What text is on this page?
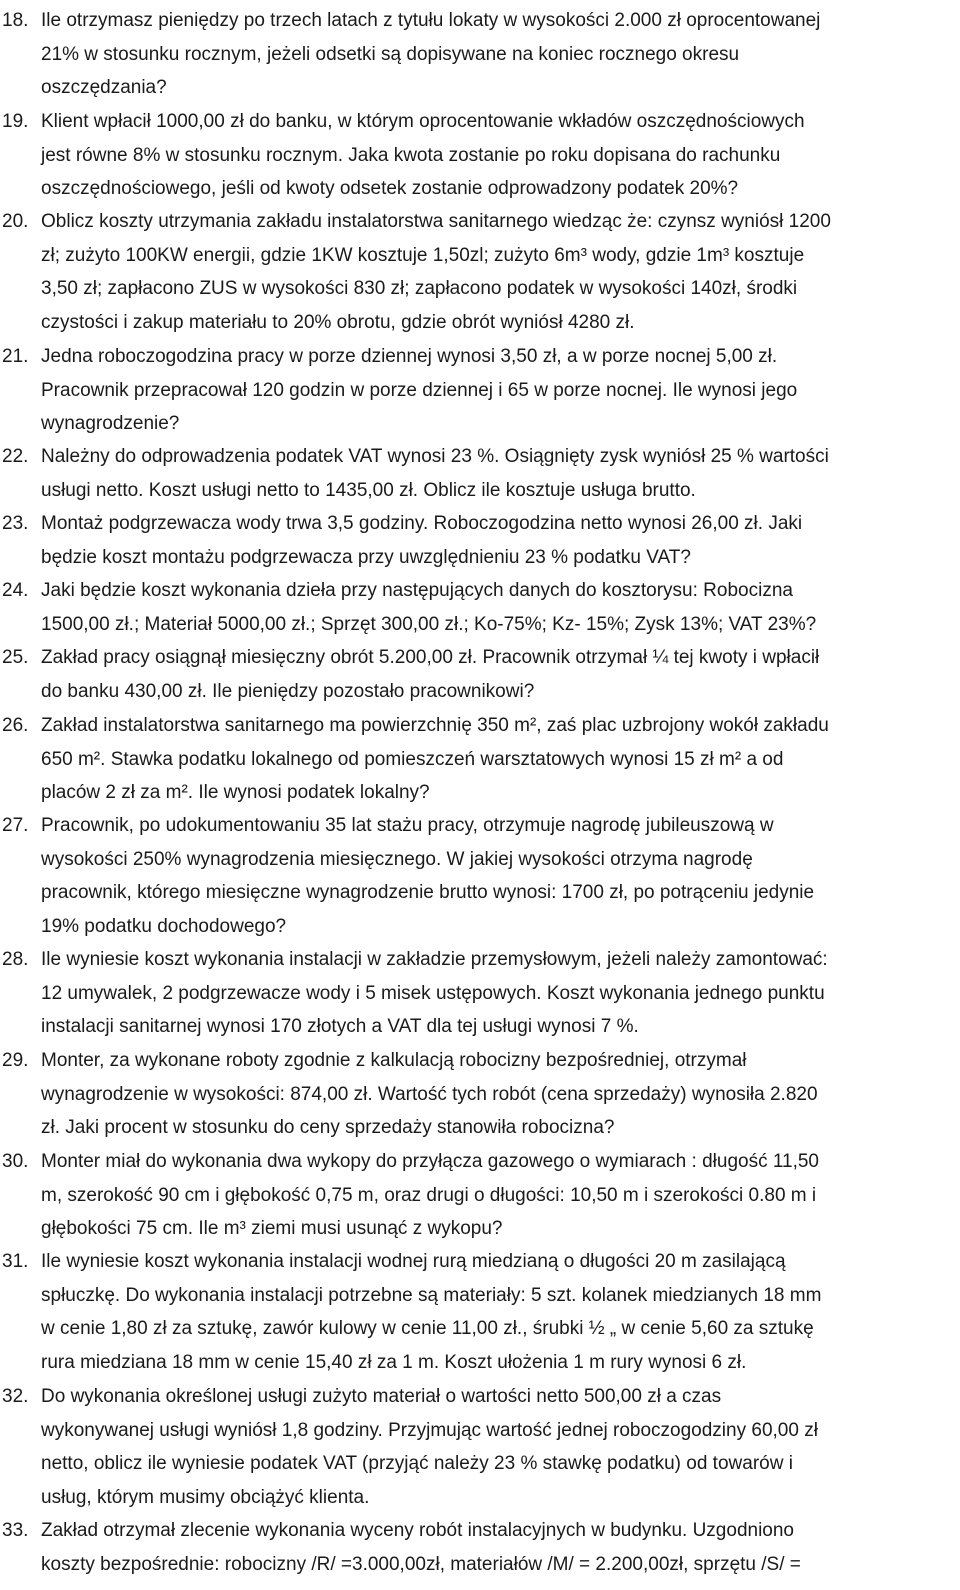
18. Ile otrzymasz pieniędzy po trzech latach z tytułu lokaty w wysokości 2.000 zł oprocentowanej
21% w stosunku rocznym, jeżeli odsetki są dopisywane na koniec rocznego okresu
oszczędzania?
19. Klient wpłacił 1000,00 zł do banku, w którym oprocentowanie wkładów oszczędnościowych
jest równe 8% w stosunku rocznym. Jaka kwota zostanie po roku dopisana do rachunku
oszczędnościowego, jeśli od kwoty odsetek zostanie odprowadzony podatek 20%?
20. Oblicz koszty utrzymania zakładu instalatorstwa sanitarnego wiedząc że: czynsz wyniósł 1200
zł; zużyto 100KW energii, gdzie 1KW kosztuje 1,50zl; zużyto 6m³ wody, gdzie 1m³ kosztuje
3,50 zł; zapłacono ZUS w wysokości 830 zł; zapłacono podatek w wysokości 140zł, środki
czystości i zakup materiału to 20% obrotu, gdzie obrót wyniósł 4280 zł.
21. Jedna roboczogodzina pracy w porze dziennej wynosi 3,50 zł, a w porze nocnej 5,00 zł.
Pracownik przepracował 120 godzin w porze dziennej i 65 w porze nocnej. Ile wynosi jego
wynagrodzenie?
22. Należny do odprowadzenia podatek VAT wynosi 23 %. Osiągnięty zysk wyniósł 25 % wartości
usługi netto. Koszt usługi netto to 1435,00 zł. Oblicz ile kosztuje usługa brutto.
23. Montaż podgrzewacza wody trwa 3,5 godziny. Roboczogodzina netto wynosi 26,00 zł. Jaki
będzie koszt montażu podgrzewacza przy uwzględnieniu 23 % podatku VAT?
24. Jaki będzie koszt wykonania dzieła przy następujących danych do kosztorysu: Robocizna
1500,00 zł.; Materiał 5000,00 zł.; Sprzęt 300,00 zł.; Ko-75%; Kz- 15%; Zysk 13%; VAT 23%?
25. Zakład pracy osiągnął miesięczny obrót 5.200,00 zł. Pracownik otrzymał ¼ tej kwoty i wpłacił
do banku 430,00 zł. Ile pieniędzy pozostało pracownikowi?
26. Zakład instalatorstwa sanitarnego ma powierzchnię 350 m², zaś plac uzbrojony wokół zakładu
650 m². Stawka podatku lokalnego od pomieszczeń warsztatowych wynosi 15 zł m² a od
placów 2 zł za m². Ile wynosi podatek lokalny?
27. Pracownik, po udokumentowaniu 35 lat stażu pracy, otrzymuje nagrodę jubileuszową w
wysokości 250% wynagrodzenia miesięcznego. W jakiej wysokości otrzyma nagrodę
pracownik, którego miesięczne wynagrodzenie brutto wynosi: 1700 zł, po potrąceniu jedynie
19% podatku dochodowego?
28. Ile wyniesie koszt wykonania instalacji w zakładzie przemysłowym, jeżeli należy zamontować:
12 umywalek, 2 podgrzewacze wody i 5 misek ustępowych. Koszt wykonania jednego punktu
instalacji sanitarnej wynosi 170 złotych a VAT dla tej usługi wynosi 7 %.
29. Monter, za wykonane roboty zgodnie z kalkulacją robocizny bezpośredniej, otrzymał
wynagrodzenie w wysokości: 874,00 zł. Wartość tych robót (cena sprzedaży) wynosiła 2.820
zł. Jaki procent w stosunku do ceny sprzedaży stanowiła robocizna?
30. Monter miał do wykonania dwa wykopy do przyłącza gazowego o wymiarach : długość 11,50
m, szerokość 90 cm i głębokość 0,75 m, oraz drugi o długości: 10,50 m i szerokości 0.80 m i
głębokości 75 cm. Ile m³ ziemi musi usunąć z wykopu?
31. Ile wyniesie koszt wykonania instalacji wodnej rurą miedzianą o długości 20 m zasilającą
spłuczkę. Do wykonania instalacji potrzebne są materiały: 5 szt. kolanek miedzianych 18 mm
w cenie 1,80 zł za sztukę, zawór kulowy w cenie 11,00 zł., śrubki ½ „ w cenie 5,60 za sztukę
rura miedziana 18 mm w cenie 15,40 zł za 1 m. Koszt ułożenia 1 m rury wynosi 6 zł.
32. Do wykonania określonej usługi zużyto materiał o wartości netto 500,00 zł a czas
wykonywanej usługi wyniósł 1,8 godziny. Przyjmując wartość jednej roboczogodziny 60,00 zł
netto, oblicz ile wyniesie podatek VAT (przyjąć należy 23 % stawkę podatku) od towarów i
usług, którym musimy obciążyć klienta.
33. Zakład otrzymał zlecenie wykonania wyceny robót instalacyjnych w budynku. Uzgodniono
koszty bezpośrednie: robocizny /R/ =3.000,00zł, materiałów /M/ = 2.200,00zł, sprzętu /S/ =
